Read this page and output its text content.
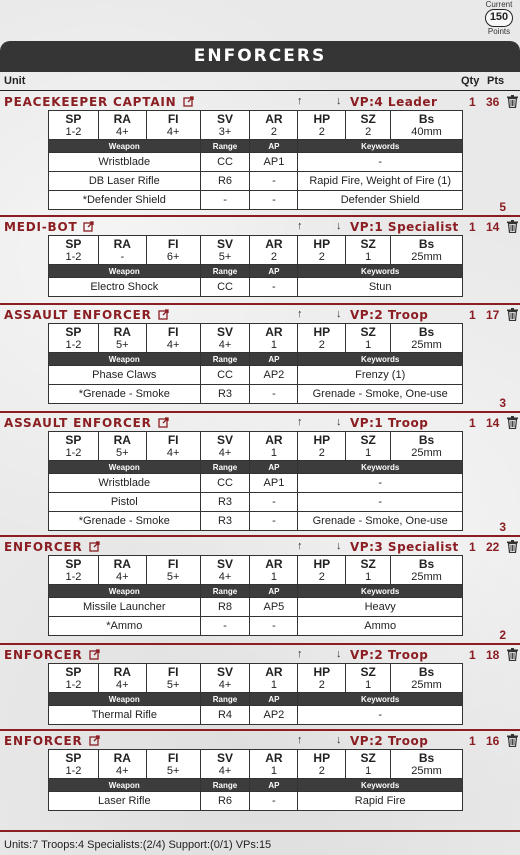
Current
150
Points
ENFORCERS
Unit	Qty Pts
PEACEKEEPER CAPTAIN	↑	↓ VP:4 Leader	1 36
SP	RA	FI	SV	AR	HP	SZ	Bs
1-2	4+	4+	3+	2	2	2	40mm
Weapon			Range	AP	Keywords		
Wristblade			CC	AP1	-		
DB Laser Rifle			R6	-	Rapid Fire, Weight of Fire (1)		
*Defender Shield			-	-	Defender Shield			5
MEDI-BOT	↑	↓ VP:1 Specialist 1 14
SP	RA	FI	SV	AR	HP	SZ	Bs
1-2	-	6+	5+	2	2	1	25mm
Weapon			Range	AP	Keywords		
Electro Shock			CC	-	Stun		
ASSAULT ENFORCER	↑	↓ VP:2 Troop	1 17
SP	RA	FI	SV	AR	HP	SZ	Bs
1-2	5+	4+	4+	1	2	1	25mm
Weapon			Range	AP	Keywords		
Phase Claws			CC	AP2	Frenzy (1)		
*Grenade - Smoke			R3	-	Grenade - Smoke, One-use		
3
ASSAULT ENFORCER	↑	↓ VP:1 Troop	1 14
SP	RA	FI	SV	AR	HP	SZ	Bs
1-2	5+	4+	4+	1	2	1	25mm
Weapon			Range	AP	Keywords		
Wristblade			CC	AP1	-		
Pistol			R3	-	-		
*Grenade - Smoke			R3	-	Grenade - Smoke, One-use			3
ENFORCER	↑	↓ VP:3 Specialist 1 22
SP	RA	FI	SV	AR	HP	SZ	Bs
1-2	4+	5+	4+	1	2	1	25mm
Weapon			Range	AP	Keywords		
Missile Launcher			R8	AP5	Heavy		
*Ammo			-	-	Ammo		
2
ENFORCER	↑	↓ VP:2 Troop	1 18
SP	RA	FI	SV	AR	HP	SZ	Bs
1-2	4+	5+	4+	1	2	1	25mm
Weapon			Range	AP	Keywords		
Thermal Rifle			R4	AP2	-		
ENFORCER	↑	↓ VP:2 Troop	1 16
SP	RA	FI	SV	AR	HP	SZ	Bs
1-2	4+	5+	4+	1	2	1	25mm
Weapon			Range	AP	Keywords		
Laser Rifle			R6	-	Rapid Fire		
Units:7 Troops:4 Specialists:(2/4) Support:(0/1) VPs:15
